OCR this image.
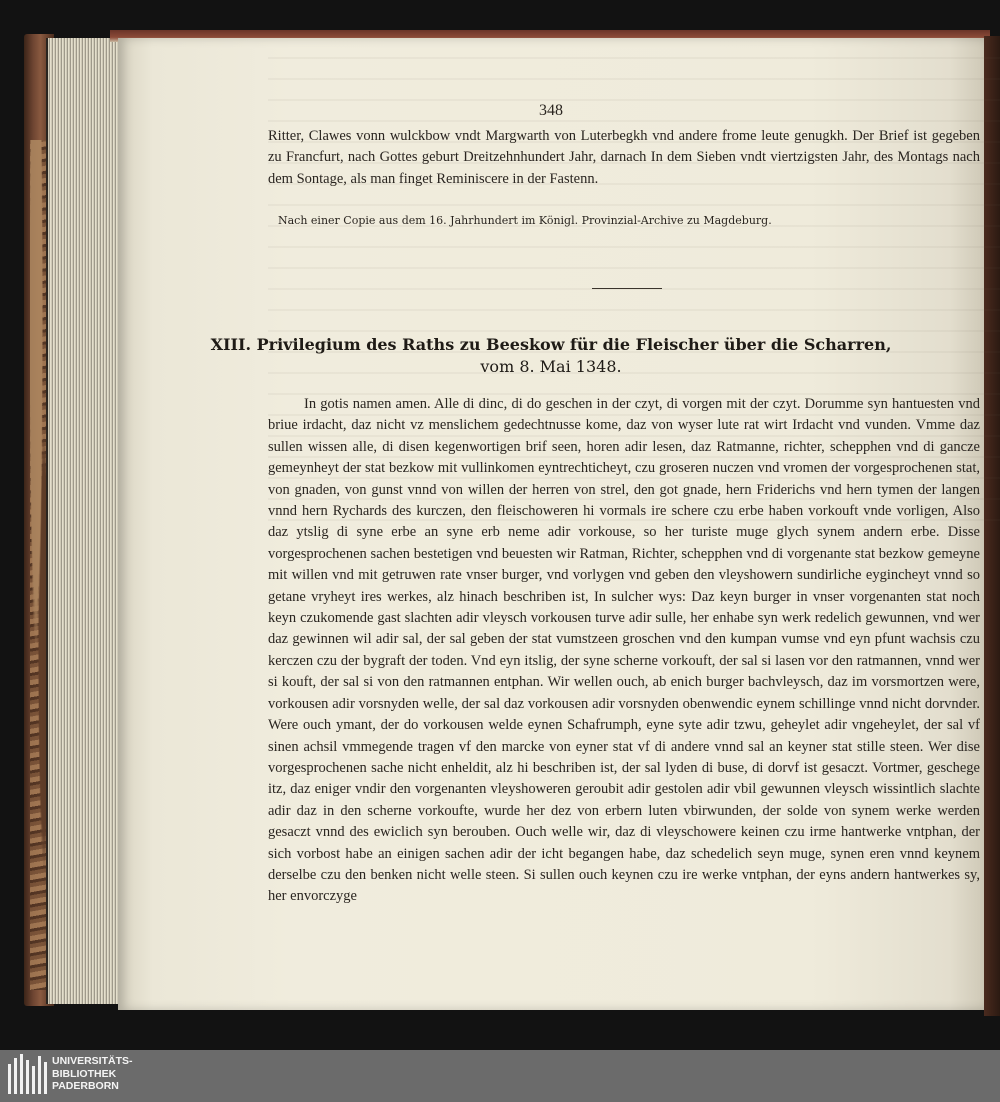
348

Ritter, Clawes vonn wulckbow vndt Margwarth von Luterbegkh vnd andere frome leute genugkh. Der Brief ist gegeben zu Francfurt, nach Gottes geburt Dreitzehnhundert Jahr, darnach In dem Sieben vndt viertzigsten Jahr, des Montags nach dem Sontage, als man finget Reminiscere in der Fastenn.

Nach einer Copie aus dem 16. Jahrhundert im Königl. Provinzial-Archive zu Magdeburg.
XIII. Privilegium des Raths zu Beeskow für die Fleischer über die Scharren,
vom 8. Mai 1348.

In gotis namen amen. Alle di dinc, di do geschen in der czyt, di vorgen mit der czyt. Dorumme syn hantuesten vnd briue irdacht, daz nicht vz menslichem gedechtnusse kome, daz von wyser lute rat wirt Irdacht vnd vunden. Vmme daz sullen wissen alle, di disen kegenwortigen brif seen, horen adir lesen, daz Ratmanne, richter, schepphen vnd di gancze gemeynheyt der stat bezkow mit vullinkomen eyntrechticheyt, czu groseren nuczen vnd vromen der vorgesprochenen stat, von gnaden, von gunst vnnd von willen der herren von strel, den got gnade, hern Friderichs vnd hern tymen der langen vnnd hern Rychards des kurczen, den fleischoweren hi vormals ire schere czu erbe haben vorkouft vnde vorligen, Also daz ytslig di syne erbe an syne erb neme adir vorkouse, so her turiste muge glych synem andern erbe. Disse vorgesprochenen sachen bestetigen vnd beuesten wir Ratman, Richter, schepphen vnd di vorgenante stat bezkow gemeyne mit willen vnd mit getruwen rate vnser burger, vnd vorlygen vnd geben den vleyshowern sundirliche eygincheyt vnnd so getane vryheyt ires werkes, alz hinach beschriben ist, In sulcher wys: Daz keyn burger in vnser vorgenanten stat noch keyn czukomende gast slachten adir vleysch vorkousen turve adir sulle, her enhabe syn werk redelich gewunnen, vnd wer daz gewinnen wil adir sal, der sal geben der stat vumstzeen groschen vnd den kumpan vumse vnd eyn pfunt wachsis czu kerczen czu der bygraft der toden. Vnd eyn itslig, der syne scherne vorkouft, der sal si lasen vor den ratmannen, vnnd wer si kouft, der sal si von den ratmannen entphan. Wir wellen ouch, ab enich burger bachvleysch, daz im vorsmortzen were, vorkousen adir vorsnyden welle, der sal daz vorkousen adir vorsnyden obenwendic eynem schillinge vnnd nicht dorvnder. Were ouch ymant, der do vorkousen welde eynen Schafrumph, eyne syte adir tzwu, geheylet adir vngeheylet, der sal vf sinen achsil vmmegende tragen vf den marcke von eyner stat vf di andere vnnd sal an keyner stat stille steen. Wer dise vorgesprochenen sache nicht enheldit, alz hi beschriben ist, der sal lyden di buse, di dorvf ist gesaczt. Vortmer, geschege itz, daz eniger vndir den vorgenanten vleyshoweren geroubit adir gestolen adir vbil gewunnen vleysch wissintlich slachte adir daz in den scherne vorkoufte, wurde her dez von erbern luten vbirwunden, der solde von synem werke werden gesaczt vnnd des ewiclich syn berouben. Ouch welle wir, daz di vleyschowere keinen czu irme hantwerke vntphan, der sich vorbost habe an einigen sachen adir der icht begangen habe, daz schedelich seyn muge, synen eren vnnd keynem derselbe czu den benken nicht welle steen. Si sullen ouch keynen czu ire werke vntphan, der eyns andern hantwerkes sy, her envorczyge

UNIVERSITÄTS-
BIBLIOTHEK
PADERBORN
